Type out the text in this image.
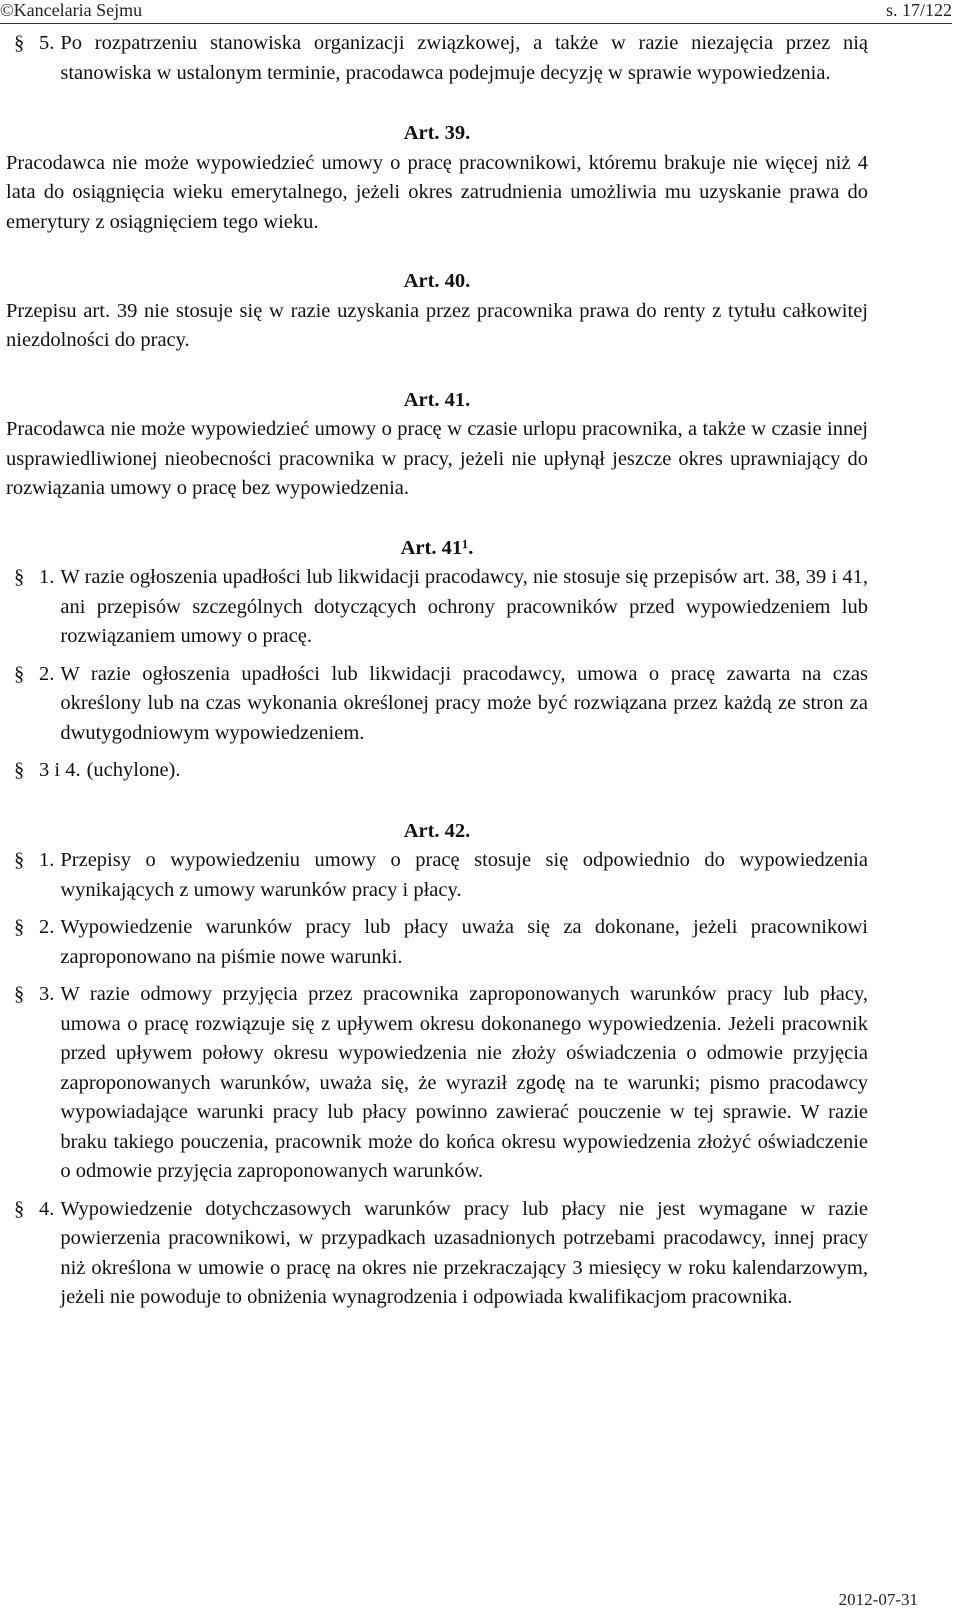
©Kancelaria Sejmu	s. 17/122
§ 5. Po rozpatrzeniu stanowiska organizacji związkowej, a także w razie niezajęcia przez nią stanowiska w ustalonym terminie, pracodawca podejmuje decyzję w sprawie wypowiedzenia.
Art. 39.

Pracodawca nie może wypowiedzieć umowy o pracę pracownikowi, któremu brakuje nie więcej niż 4 lata do osiągnięcia wieku emerytalnego, jeżeli okres zatrudnienia umożliwia mu uzyskanie prawa do emerytury z osiągnięciem tego wieku.

Art. 40.

Przepisu art. 39 nie stosuje się w razie uzyskania przez pracownika prawa do renty z tytułu całkowitej niezdolności do pracy.

Art. 41.

Pracodawca nie może wypowiedzieć umowy o pracę w czasie urlopu pracownika, a także w czasie innej usprawiedliwionej nieobecności pracownika w pracy, jeżeli nie upłynął jeszcze okres uprawniający do rozwiązania umowy o pracę bez wypowiedzenia.

Art. 41¹.
§ 1. W razie ogłoszenia upadłości lub likwidacji pracodawcy, nie stosuje się przepisów art. 38, 39 i 41, ani przepisów szczególnych dotyczących ochrony pracowników przed wypowiedzeniem lub rozwiązaniem umowy o pracę.
§ 2. W razie ogłoszenia upadłości lub likwidacji pracodawcy, umowa o pracę zawarta na czas określony lub na czas wykonania określonej pracy może być rozwiązana przez każdą ze stron za dwutygodniowym wypowiedzeniem.
§ 3 i 4. (uchylone).
Art. 42.
§ 1. Przepisy o wypowiedzeniu umowy o pracę stosuje się odpowiednio do wypowiedzenia wynikających z umowy warunków pracy i płacy.
§ 2. Wypowiedzenie warunków pracy lub płacy uważa się za dokonane, jeżeli pracownikowi zaproponowano na piśmie nowe warunki.
§ 3. W razie odmowy przyjęcia przez pracownika zaproponowanych warunków pracy lub płacy, umowa o pracę rozwiązuje się z upływem okresu dokonanego wypowiedzenia. Jeżeli pracownik przed upływem połowy okresu wypowiedzenia nie złoży oświadczenia o odmowie przyjęcia zaproponowanych warunków, uważa się, że wyraził zgodę na te warunki; pismo pracodawcy wypowiadające warunki pracy lub płacy powinno zawierać pouczenie w tej sprawie. W razie braku takiego pouczenia, pracownik może do końca okresu wypowiedzenia złożyć oświadczenie o odmowie przyjęcia zaproponowanych warunków.
§ 4. Wypowiedzenie dotychczasowych warunków pracy lub płacy nie jest wymagane w razie powierzenia pracownikowi, w przypadkach uzasadnionych potrzebami pracodawcy, innej pracy niż określona w umowie o pracę na okres nie przekraczający 3 miesięcy w roku kalendarzowym, jeżeli nie powoduje to obniżenia wynagrodzenia i odpowiada kwalifikacjom pracownika.
2012-07-31
